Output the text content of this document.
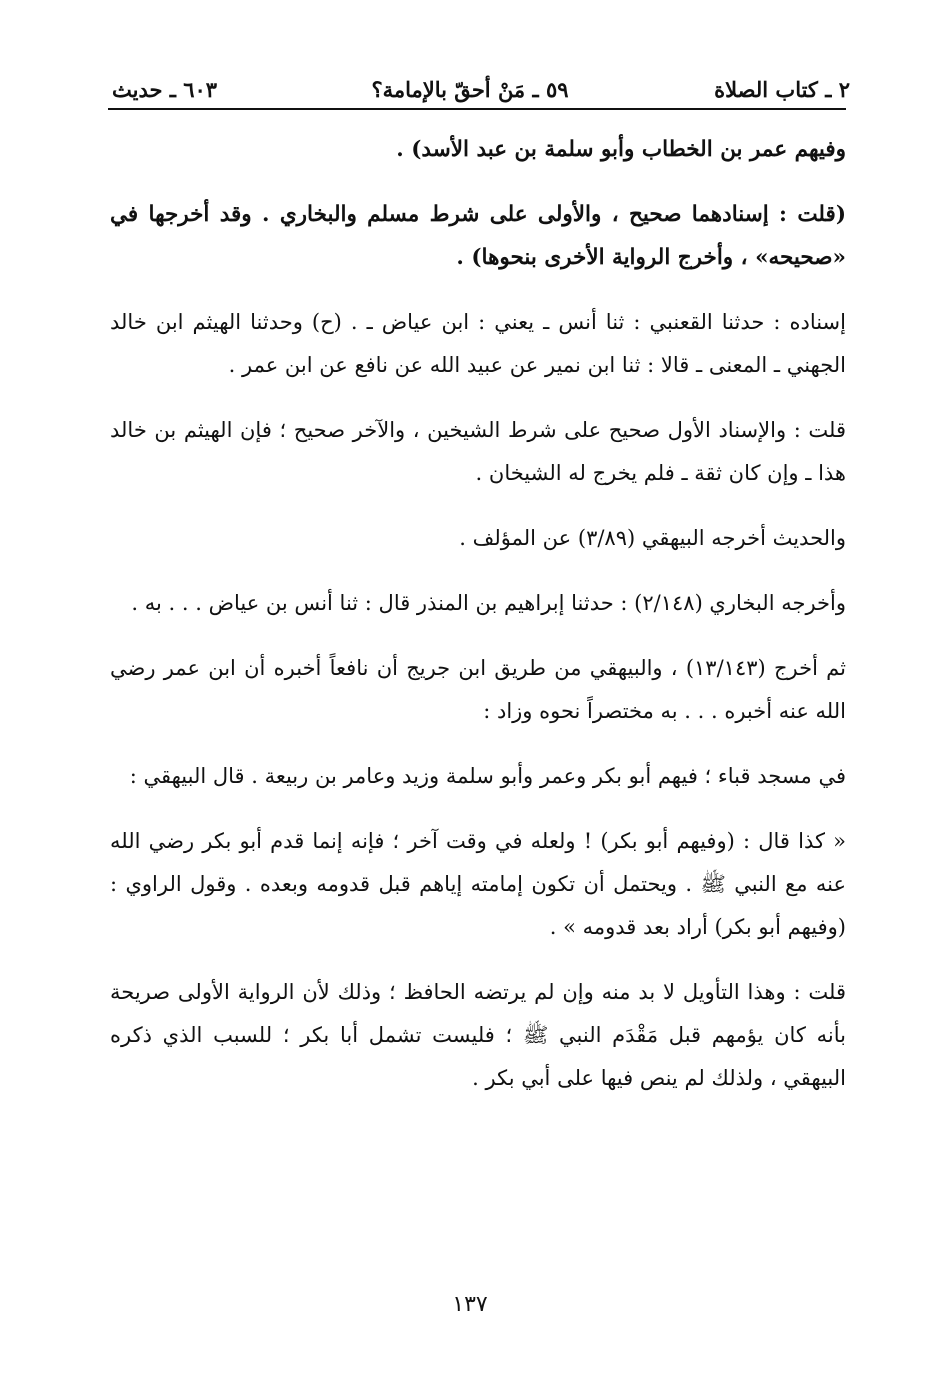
٢ ـ كتاب الصلاة
٥٩ ـ مَنْ أحقّ بالإمامة؟
٦٠٣ ـ حديث

وفيهم عمر بن الخطاب وأبو سلمة بن عبد الأسد) .

(قلت : إسنادهما صحيح ، والأولى على شرط مسلم والبخاري . وقد أخرجها في «صحيحه» ، وأخرج الرواية الأخرى بنحوها) .

إسناده : حدثنا القعنبي : ثنا أنس ـ يعني : ابن عياض ـ . (ح) وحدثنا الهيثم ابن خالد الجهني ـ المعنى ـ قالا : ثنا ابن نمير عن عبيد الله عن نافع عن ابن عمر .

قلت : والإسناد الأول صحيح على شرط الشيخين ، والآخر صحيح ؛ فإن الهيثم بن خالد هذا ـ وإن كان ثقة ـ فلم يخرج له الشيخان .

والحديث أخرجه البيهقي (٣/٨٩) عن المؤلف .

وأخرجه البخاري (٢/١٤٨) : حدثنا إبراهيم بن المنذر قال : ثنا أنس بن عياض . . . به .

ثم أخرج (١٣/١٤٣) ، والبيهقي من طريق ابن جريج أن نافعاً أخبره أن ابن عمر رضي الله عنه أخبره . . . به مختصراً نحوه وزاد :

في مسجد قباء ؛ فيهم أبو بكر وعمر وأبو سلمة وزيد وعامر بن ربيعة . قال البيهقي :

« كذا قال : (وفيهم أبو بكر) ! ولعله في وقت آخر ؛ فإنه إنما قدم أبو بكر رضي الله عنه مع النبي ﷺ . ويحتمل أن تكون إمامته إياهم قبل قدومه وبعده . وقول الراوي : (وفيهم أبو بكر) أراد بعد قدومه » .

قلت : وهذا التأويل لا بد منه وإن لم يرتضه الحافظ ؛ وذلك لأن الرواية الأولى صريحة بأنه كان يؤمهم قبل مَقْدَم النبي ﷺ ؛ فليست تشمل أبا بكر ؛ للسبب الذي ذكره البيهقي ، ولذلك لم ينص فيها على أبي بكر .

١٣٧
